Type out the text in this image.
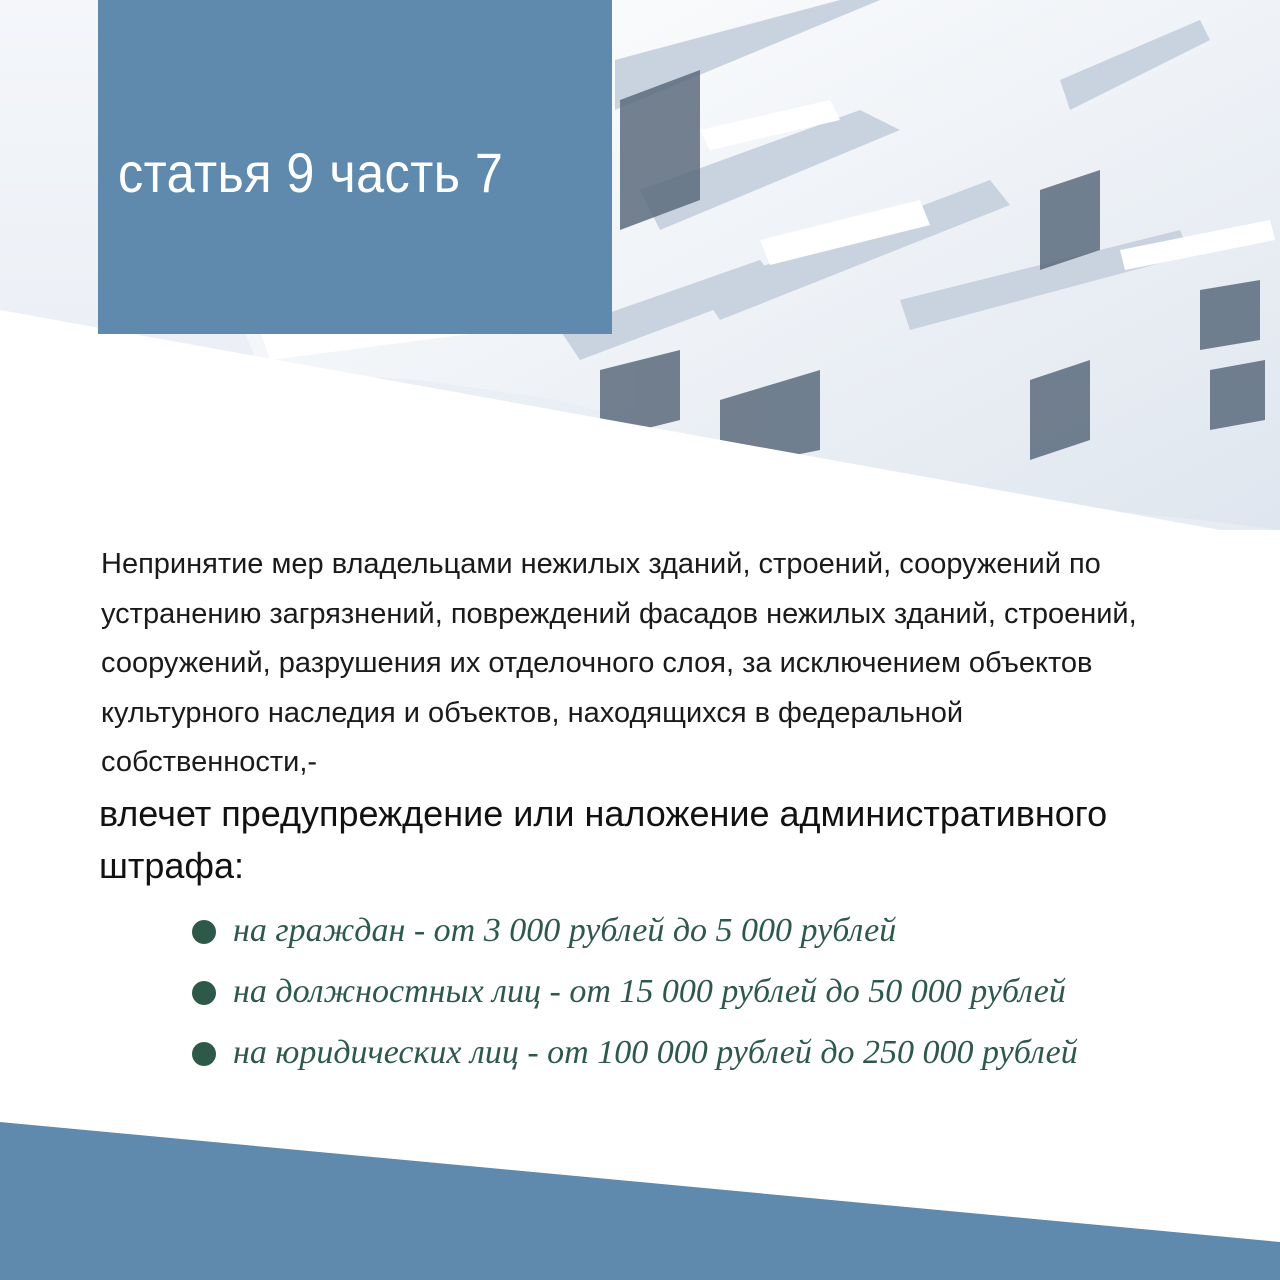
статья 9 часть 7
Непринятие мер владельцами нежилых зданий, строений, сооружений по
устранению загрязнений, повреждений фасадов нежилых зданий, строений,
сооружений, разрушения их отделочного слоя, за исключением объектов
культурного наследия и объектов, находящихся в федеральной
собственности,-
влечет предупреждение или наложение административного штрафа:
на граждан - от 3 000 рублей до 5 000 рублей
на должностных лиц - от 15 000 рублей до 50 000 рублей
на юридических лиц - от 100 000 рублей до 250 000 рублей
